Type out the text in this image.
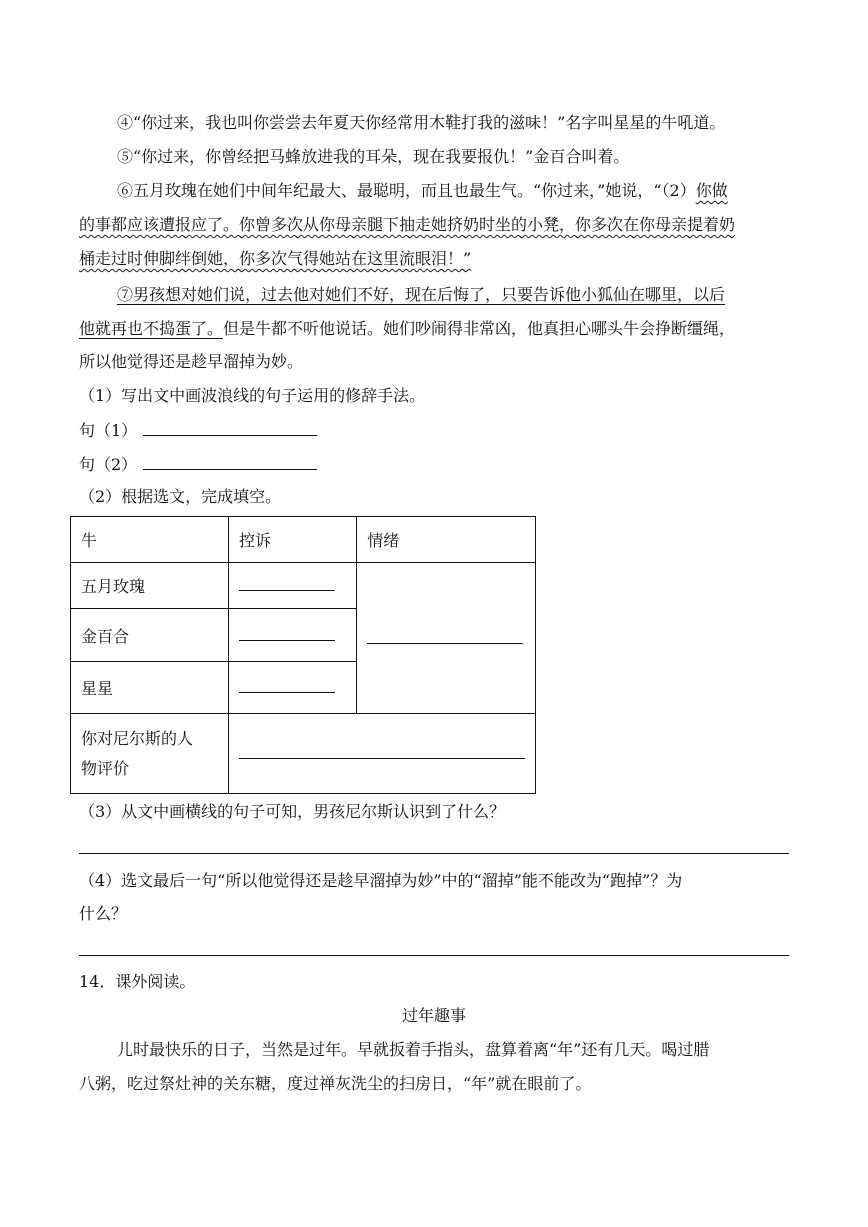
④“你过来，我也叫你尝尝去年夏天你经常用木鞋打我的滋味！”名字叫星星的牛吼道。
⑤“你过来，你曾经把马蜂放进我的耳朵，现在我要报仇！”金百合叫着。
⑥五月玫瑰在她们中间年纪最大、最聪明，而且也最生气。“你过来，”她说，“（2）你做
的事都应该遭报应了。你曾多次从你母亲腿下抽走她挤奶时坐的小凳，你多次在你母亲提着奶
桶走过时伸脚绊倒她，你多次气得她站在这里流眼泪！”
⑦男孩想对她们说，过去他对她们不好，现在后悔了，只要告诉他小狐仙在哪里，以后
他就再也不捣蛋了。但是牛都不听他说话。她们吵闹得非常凶，他真担心哪头牛会挣断缰绳，
所以他觉得还是趁早溜掉为妙。
（1）写出文中画波浪线的句子运用的修辞手法。
句（1）
句（2）
（2）根据选文，完成填空。
牛	控诉	情绪
五月玫瑰		
金百合		
星星		
你对尼尔斯的人
物评价		
（3）从文中画横线的句子可知，男孩尼尔斯认识到了什么？
（4）选文最后一句“所以他觉得还是趁早溜掉为妙”中的“溜掉”能不能改为“跑掉”？为
什么？
14．课外阅读。
过年趣事
儿时最快乐的日子，当然是过年。早就扳着手指头，盘算着离“年”还有几天。喝过腊
八粥，吃过祭灶神的关东糖，度过禅灰洗尘的扫房日，“年”就在眼前了。
